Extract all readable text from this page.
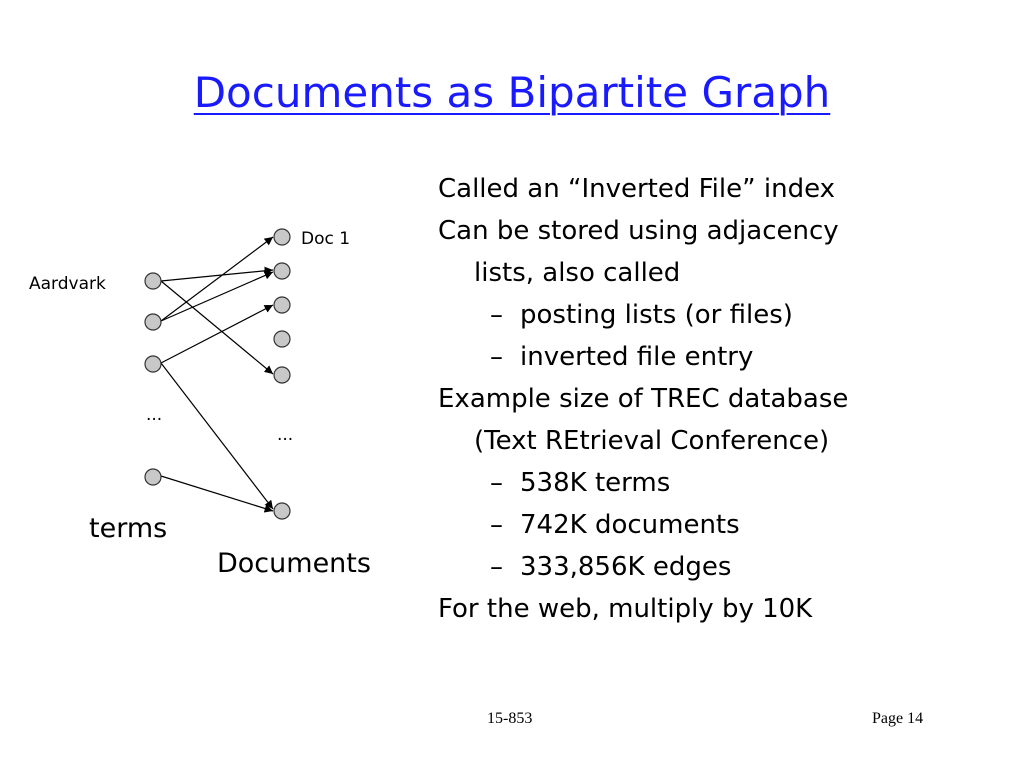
Documents as Bipartite Graph
Doc 1
Aardvark
...
...
terms
Documents

Called an “Inverted File” index

Can be stored using adjacency
lists, also called

– posting lists (or files)

– inverted file entry

Example size of TREC database
(Text REtrieval Conference)

– 538K terms

– 742K documents

– 333,856K edges

For the web, multiply by 10K

15-853	Page 14
